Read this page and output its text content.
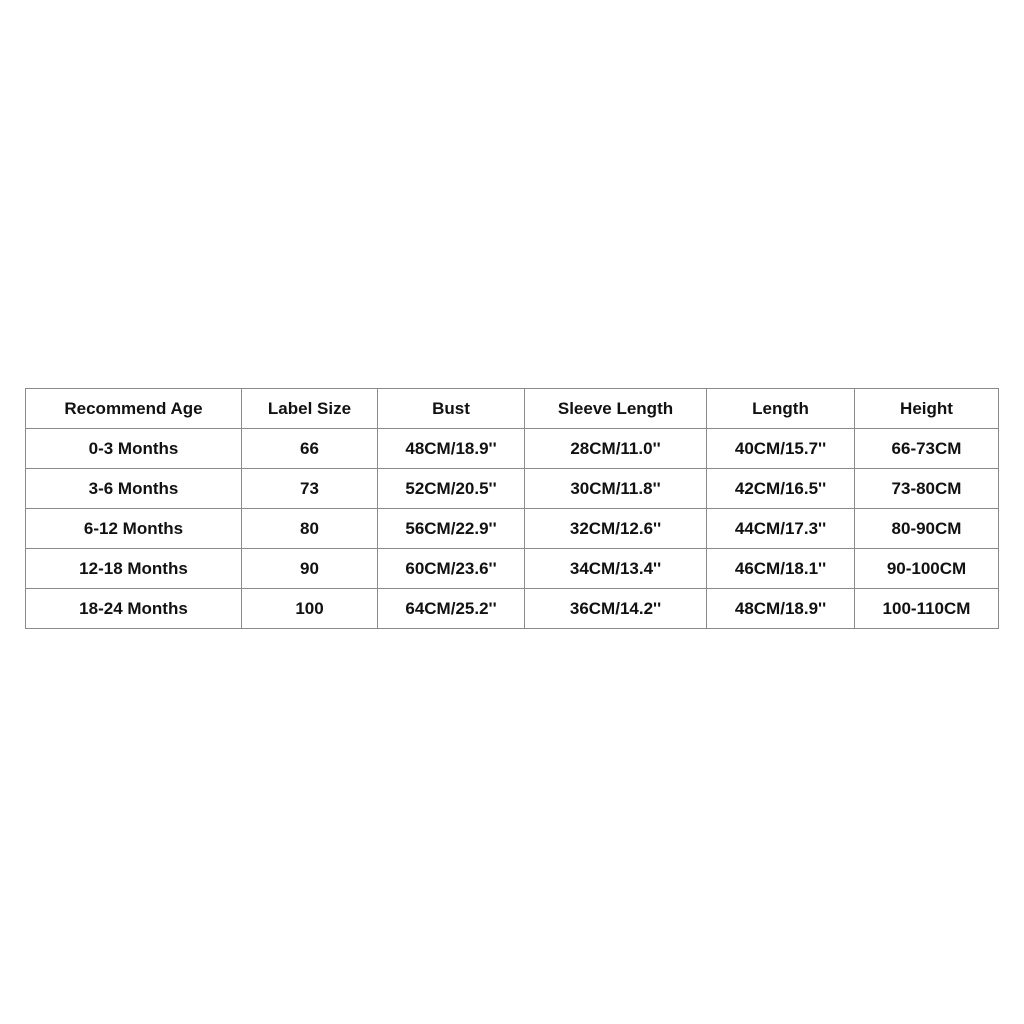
Recommend Age	Label Size	Bust	Sleeve Length	Length	Height
0-3 Months	66	48CM/18.9''	28CM/11.0''	40CM/15.7''	66-73CM
3-6 Months	73	52CM/20.5''	30CM/11.8''	42CM/16.5''	73-80CM
6-12 Months	80	56CM/22.9''	32CM/12.6''	44CM/17.3''	80-90CM
12-18 Months	90	60CM/23.6''	34CM/13.4''	46CM/18.1''	90-100CM
18-24 Months	100	64CM/25.2''	36CM/14.2''	48CM/18.9''	100-110CM
